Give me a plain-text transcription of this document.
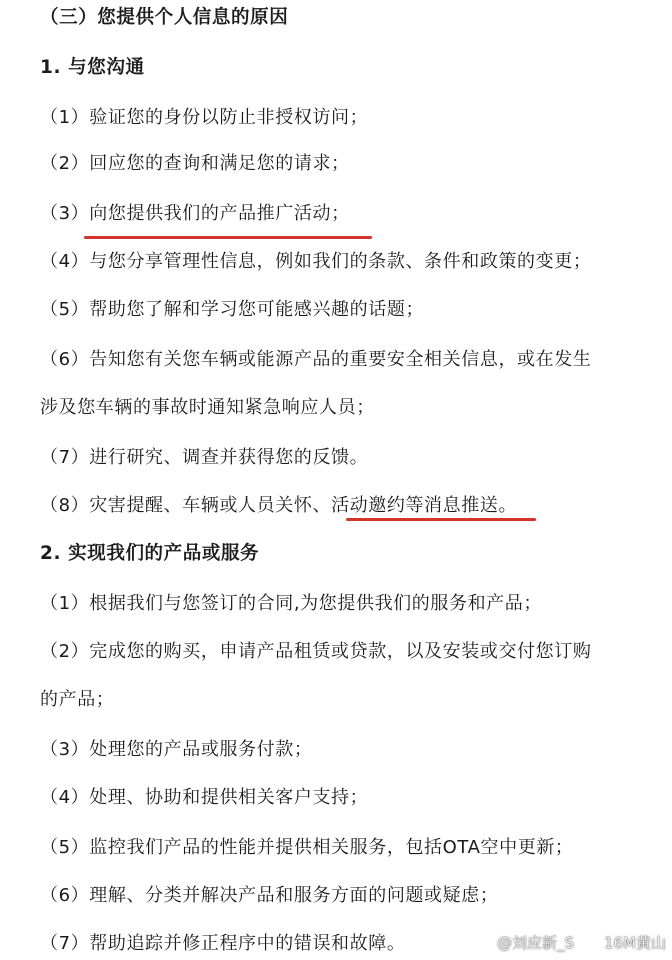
（三）您提供个人信息的原因
1. 与您沟通
（1）验证您的身份以防止非授权访问；
（2）回应您的查询和满足您的请求；
（3）向您提供我们的产品推广活动；
（4）与您分享管理性信息，例如我们的条款、条件和政策的变更；
（5）帮助您了解和学习您可能感兴趣的话题；
（6）告知您有关您车辆或能源产品的重要安全相关信息，或在发生
涉及您车辆的事故时通知紧急响应人员；
（7）进行研究、调查并获得您的反馈。
（8）灾害提醒、车辆或人员关怀、活动邀约等消息推送。
2. 实现我们的产品或服务
（1）根据我们与您签订的合同,为您提供我们的服务和产品；
（2）完成您的购买，申请产品租赁或贷款，以及安装或交付您订购
的产品；
（3）处理您的产品或服务付款；
（4）处理、协助和提供相关客户支持；
（5）监控我们产品的性能并提供相关服务，包括OTA空中更新；
（6）理解、分类并解决产品和服务方面的问题或疑虑；
（7）帮助追踪并修正程序中的错误和故障。	@刘应新_S 16M黄山
